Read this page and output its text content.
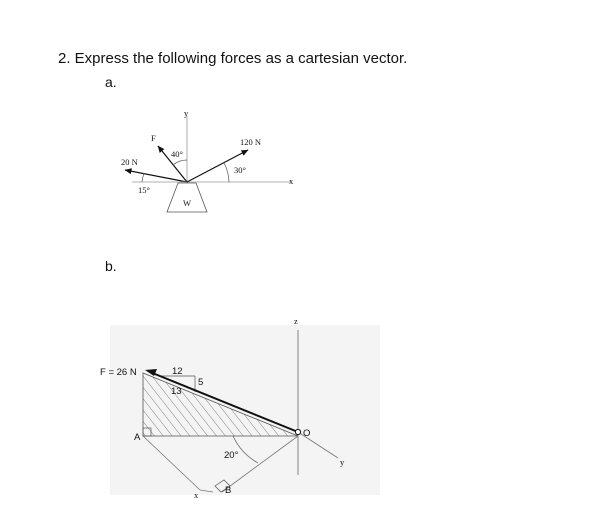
2. Express the following forces as a cartesian vector.
a.
b.
y
x
W
F
40°
20 N
15°
120 N
30°
z
y
F = 26 N	12
5
13
A	O
20°
B
x
